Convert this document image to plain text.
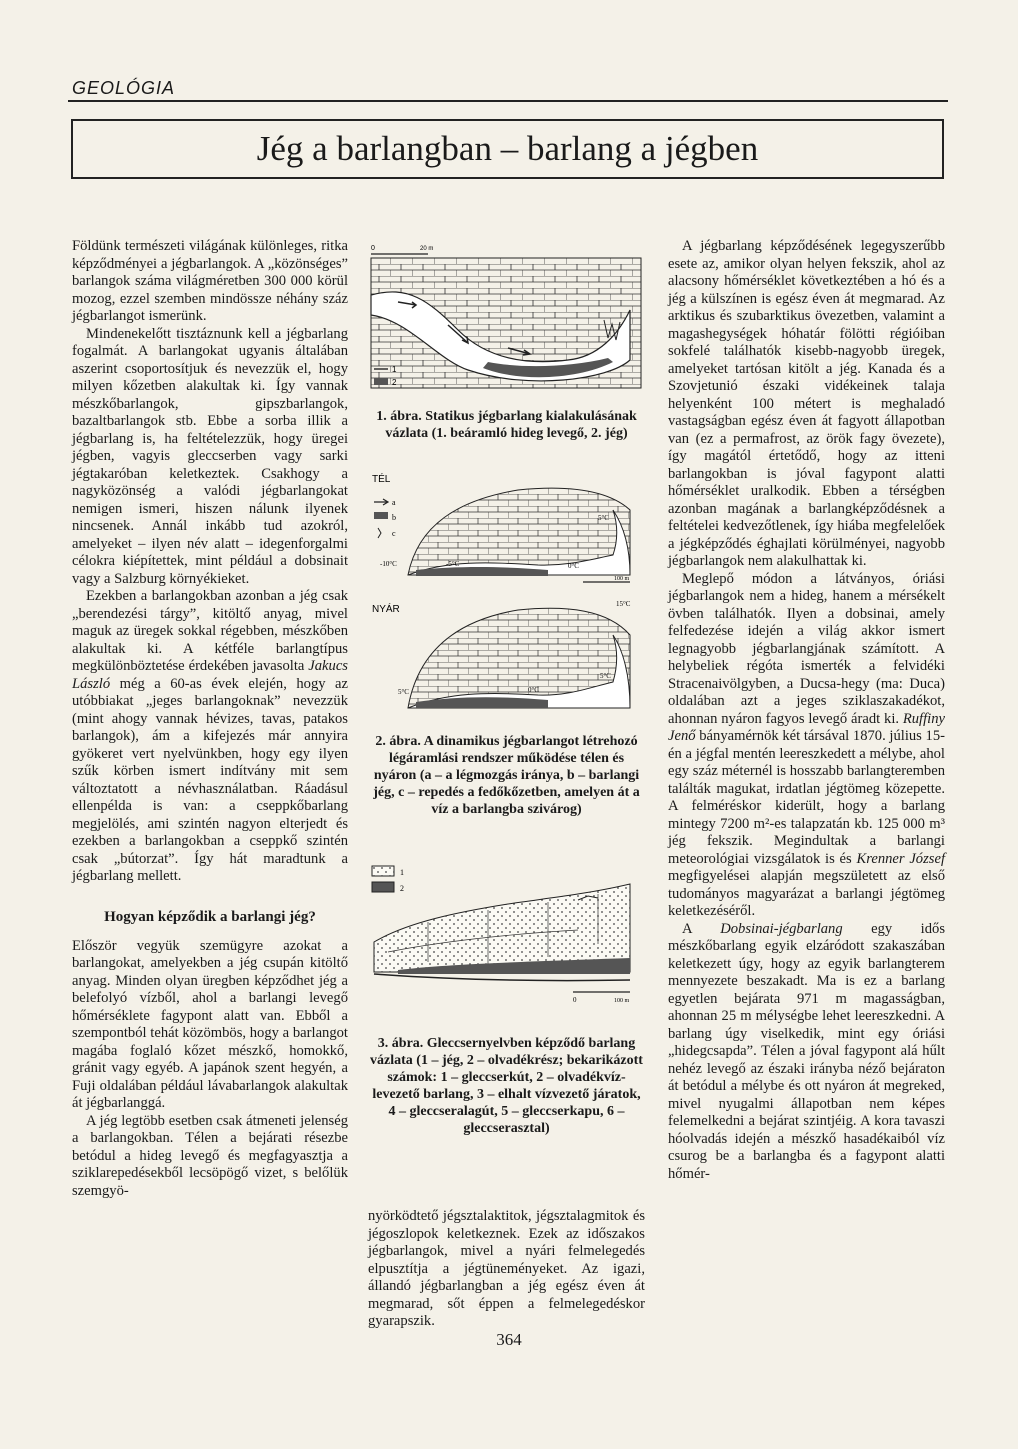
GEOLÓGIA
Jég a barlangban – barlang a jégben

Földünk természeti világának különleges, ritka képződményei a jégbarlangok. A „közönséges” barlangok száma világméretben 300 000 körül mozog, ezzel szemben mindössze néhány száz jégbarlangot ismerünk.

Mindenekelőtt tisztáznunk kell a jégbarlang fogalmát. A barlangokat ugyanis általában aszerint csoportosítjuk és nevezzük el, hogy milyen kőzetben alakultak ki. Így vannak mészkőbarlangok, gipszbarlangok, bazaltbarlangok stb. Ebbe a sorba illik a jégbarlang is, ha feltételezzük, hogy üregei jégben, vagyis gleccserben vagy sarki jégtakaróban keletkeztek. Csakhogy a nagyközönség a valódi jégbarlangokat nemigen ismeri, hiszen nálunk ilyenek nincsenek. Annál inkább tud azokról, amelyeket – ilyen név alatt – idegenforgalmi célokra kiépítettek, mint például a dobsinait vagy a Salzburg környékieket.

Ezekben a barlangokban azonban a jég csak „berendezési tárgy”, kitöltő anyag, mivel maguk az üregek sokkal régebben, mészkőben alakultak ki. A kétféle barlangtípus megkülönböztetése érdekében javasolta Jakucs László még a 60-as évek elején, hogy az utóbbiakat „jeges barlangoknak” nevezzük (mint ahogy vannak hévizes, tavas, patakos barlangok), ám a kifejezés már annyira gyökeret vert nyelvünkben, hogy egy ilyen szűk körben ismert indítvány mit sem változtatott a névhasználatban. Ráadásul ellenpélda is van: a cseppkőbarlang megjelölés, ami szintén nagyon elterjedt és ezekben a barlangokban a cseppkő szintén csak „bútorzat”. Így hát maradtunk a jégbarlang mellett.

Hogyan képződik a barlangi jég?

Először vegyük szemügyre azokat a barlangokat, amelyekben a jég csupán kitöltő anyag. Minden olyan üregben képződhet jég a belefolyó vízből, ahol a barlangi levegő hőmérséklete fagypont alatt van. Ebből a szempontból tehát közömbös, hogy a barlangot magába foglaló kőzet mészkő, homokkő, gránit vagy egyéb. A japánok szent hegyén, a Fuji oldalában például lávabarlangok alakultak át jégbarlanggá.

A jég legtöbb esetben csak átmeneti jelenség a barlangokban. Télen a bejárati résezbe betódul a hideg levegő és megfagyasztja a sziklarepedésekből lecsöpögő vizet, s belőlük szemgyö-

0	20 m
1
2
1. ábra. Statikus jégbarlang kialakulásának vázlata (1. beáramló hideg levegő, 2. jég)
TÉL
a
b
c
-10°C	-5°C	0°C
5°C
100 m
NYÁR	15°C
5°C
5°C
0°C
2. ábra. A dinamikus jégbarlangot létrehozó légáramlási rendszer működése télen és nyáron (a – a légmozgás iránya, b – barlangi jég, c – repedés a fedőkőzetben, amelyen át a víz a barlangba szivárog)
1
2
0	100 m
3. ábra. Gleccsernyelvben képződő barlang vázlata (1 – jég, 2 – olvadékrész; bekarikázott számok: 1 – gleccserkút, 2 – olvadékvíz-levezető barlang, 3 – elhalt vízvezető járatok, 4 – gleccseralagút, 5 – gleccserkapu, 6 – gleccserasztal)

nyörködtető jégsztalaktitok, jégsztalagmitok és jégoszlopok keletkeznek. Ezek az időszakos jégbarlangok, mivel a nyári felmelegedés elpusztítja a jégtüneményeket. Az igazi, állandó jégbarlangban a jég egész éven át megmarad, sőt éppen a felmelegedéskor gyarapszik.

A jégbarlang képződésének legegyszerűbb esete az, amikor olyan helyen fekszik, ahol az alacsony hőmérséklet következtében a hó és a jég a külszínen is egész éven át megmarad. Az arktikus és szubarktikus övezetben, valamint a magashegységek hóhatár fölötti régióiban sokfelé találhatók kisebb-nagyobb üregek, amelyeket tartósan kitölt a jég. Kanada és a Szovjetunió északi vidékeinek talaja helyenként 100 métert is meghaladó vastagságban egész éven át fagyott állapotban van (ez a permafrost, az örök fagy övezete), így magától értetődő, hogy az itteni barlangokban is jóval fagypont alatti hőmérséklet uralkodik. Ebben a térségben azonban magának a barlangképződésnek a feltételei kedvezőtlenek, így hiába megfelelőek a jégképződés éghajlati körülményei, nagyobb jégbarlangok nem alakulhattak ki.

Meglepő módon a látványos, óriási jégbarlangok nem a hideg, hanem a mérsékelt övben találhatók. Ilyen a dobsinai, amely felfedezése idején a világ akkor ismert legnagyobb jégbarlangjának számított. A helybeliek régóta ismerték a felvidéki Stracenaivölgyben, a Ducsa-hegy (ma: Duca) oldalában azt a jeges sziklaszakadékot, ahonnan nyáron fagyos levegő áradt ki. Ruffiny Jenő bányamérnök két társával 1870. július 15-én a jégfal mentén leereszkedett a mélybe, ahol egy száz méternél is hosszabb barlangteremben találták magukat, irdatlan jégtömeg közepette. A felméréskor kiderült, hogy a barlang mintegy 7200 m²-es talapzatán kb. 125 000 m³ jég fekszik. Megindultak a barlangi meteorológiai vizsgálatok is és Krenner József megfigyelései alapján megszületett az első tudományos magyarázat a barlangi jégtömeg keletkezéséről.

A Dobsinai-jégbarlang egy idős mészkőbarlang egyik elzáródott szakaszában keletkezett úgy, hogy az egyik barlangterem mennyezete beszakadt. Ma is ez a barlang egyetlen bejárata 971 m magasságban, ahonnan 25 m mélységbe lehet leereszkedni. A barlang úgy viselkedik, mint egy óriási „hidegcsapda”. Télen a jóval fagypont alá hűlt nehéz levegő az északi irányba néző bejáraton át betódul a mélybe és ott nyáron át megreked, mivel nyugalmi állapotban nem képes felemelkedni a bejárat szintjéig. A kora tavaszi hóolvadás idején a mészkő hasadékaiból víz csurog be a barlangba és a fagypont alatti hőmér-

364
